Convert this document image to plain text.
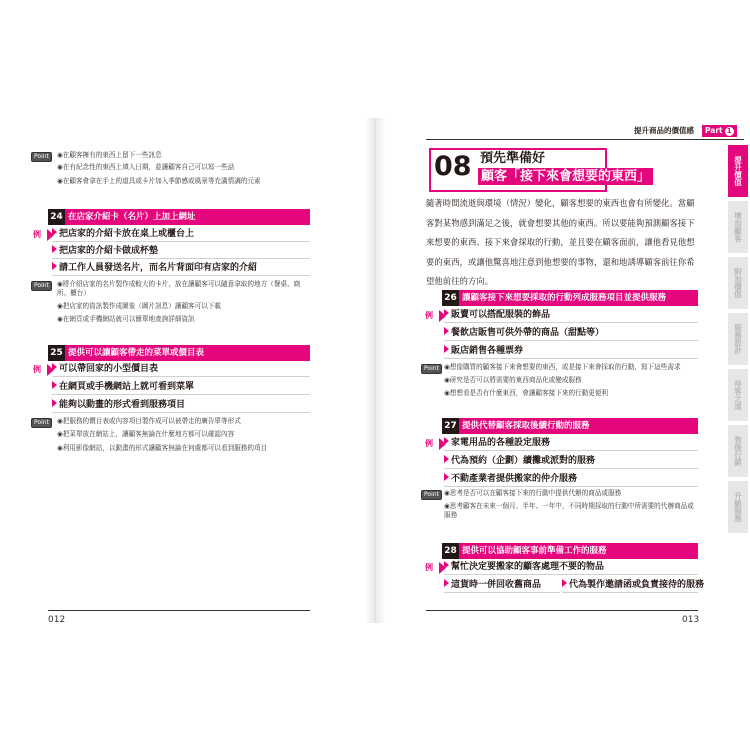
Point	◉在顧客擁有的東西上留下一些訊息
◉在有紀念性的東西上填入日期，並讓顧客自己可以寫一些話
◉在顧客會拿在手上的道具或卡片加入季節感或風景等充滿情調的元素
24 在店家介紹卡（名片）上加上網址
例	把店家的介紹卡放在桌上或櫃台上
把店家的介紹卡做成杯墊
請工作人員發送名片，而名片背面印有店家的介紹
Point	◉將介紹店家的名片製作成較大的卡片，放在讓顧客可以隨意拿取的地方（餐桌、廁所、櫃台）
◉把店家的資訊製作成圖象（圖片訊息）讓顧客可以下載
◉在網頁或手機網站就可以簡單地查詢詳細資訊
25 提供可以讓顧客帶走的菜單或價目表
例	可以帶回家的小型價目表
在網頁或手機網站上就可看到菜單
能夠以動畫的形式看到服務項目
Point	◉把服務的價目表或內容項目製作成可以被帶走的廣告單等形式
◉把菜單放在網站上，讓顧客無論在什麼地方都可以確認內容
◉利用影像網站，以動畫的形式讓顧客無論在何處都可以看到服務的項目
012
提升商品的價值感	Part 1
08 預先準備好
顧客「接下來會想要的東西」
隨著時間流逝與環境（情況）變化，顧客想要的東西也會有所變化。當顧客對某物感到滿足之後，就會想要其他的東西。所以要能夠預測顧客接下來想要的東西、接下來會採取的行動，並且要在顧客面前，讓他看見他想要的東西，或讓他驚喜地注意到他想要的事物，還和地誘導顧客前往你希望他前往的方向。
26 讓顧客接下來想要採取的行動列成服務項目並提供服務
例	販賣可以搭配服裝的飾品
餐飲店販售可供外帶的商品（甜點等）
販店銷售各種票券
Point ◉想像購買的顧客接下來會想要的東西，或是接下來會採取的行動，寫下這些需求
◉研究是否可以將需要的東西商品化或變成服務
◉想想看是否有什麼東西，會讓顧客接下來的行動更便利
27 提供代替顧客採取後續行動的服務
例	家電用品的各種設定服務
代為預約（企劃）續攤或派對的服務
不動產業者提供搬家的仲介服務
Point ◉思考是否可以在顧客接下來的行動中提供代辦的商品或服務
◉思考顧客在未來一個月、半年、一年中，不同時期採取的行動中所需要的代辦商品或服務
28 提供可以協助顧客事前準備工作的服務
例	幫忙決定要搬家的顧客處理不要的物品
這貨時一併回收舊商品	代為製作邀請函或負責接待的服務
013
提升價值
增加顧客
附加價值
服務設計
待客之道
售後行銷
升級服務
